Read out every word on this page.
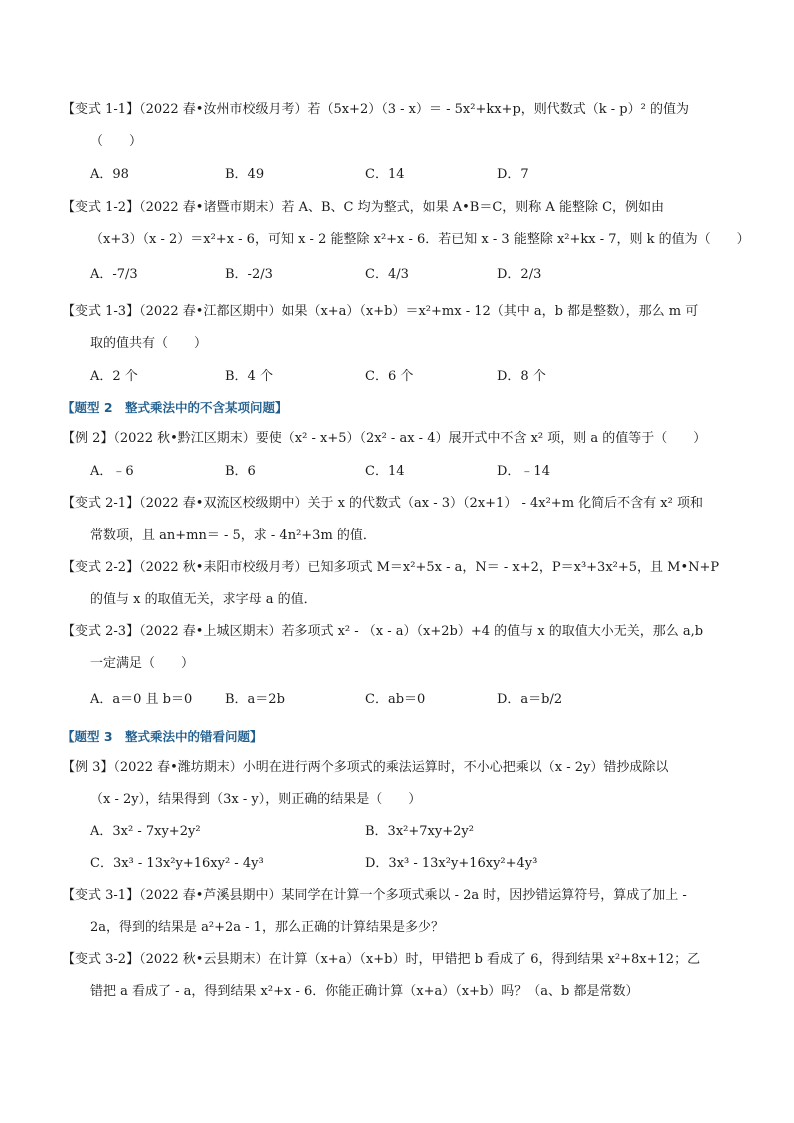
【变式 1-1】（2022 春•汝州市校级月考）若（5x+2）（3 - x）＝ - 5x²+kx+p，则代数式（k - p）² 的值为
（　　）
A．98	B．49	C．14	D．7
【变式 1-2】（2022 春•诸暨市期末）若 A、B、C 均为整式，如果 A•B＝C，则称 A 能整除 C，例如由
（x+3）（x - 2）＝x²+x - 6，可知 x - 2 能整除 x²+x - 6．若已知 x - 3 能整除 x²+kx - 7，则 k 的值为（　　）
A．-7/3	B．-2/3	C．4/3	D．2/3
【变式 1-3】（2022 春•江都区期中）如果（x+a）（x+b）＝x²+mx - 12（其中 a，b 都是整数），那么 m 可
取的值共有（　　）
A．2 个	B．4 个	C．6 个	D．8 个
【题型 2　整式乘法中的不含某项问题】
【例 2】（2022 秋•黔江区期末）要使（x² - x+5）（2x² - ax - 4）展开式中不含 x² 项，则 a 的值等于（　　）
A．﹣6	B．6	C．14	D．﹣14
【变式 2-1】（2022 春•双流区校级期中）关于 x 的代数式（ax - 3）（2x+1） - 4x²+m 化简后不含有 x² 项和
常数项，且 an+mn＝ - 5，求 - 4n²+3m 的值．
【变式 2-2】（2022 秋•耒阳市校级月考）已知多项式 M＝x²+5x - a，N＝ - x+2，P＝x³+3x²+5，且 M•N+P
的值与 x 的取值无关，求字母 a 的值．
【变式 2-3】（2022 春•上城区期末）若多项式 x² - （x - a）（x+2b）+4 的值与 x 的取值大小无关，那么 a,b
一定满足（　　）
A．a＝0 且 b＝0	B．a＝2b	C．ab＝0	D．a＝b/2
【题型 3　整式乘法中的错看问题】
【例 3】（2022 春•潍坊期末）小明在进行两个多项式的乘法运算时，不小心把乘以（x - 2y）错抄成除以
（x - 2y），结果得到（3x - y），则正确的结果是（　　）
A．3x² - 7xy+2y²	B．3x²+7xy+2y²
C．3x³ - 13x²y+16xy² - 4y³	D．3x³ - 13x²y+16xy²+4y³
【变式 3-1】（2022 春•芦溪县期中）某同学在计算一个多项式乘以 - 2a 时，因抄错运算符号，算成了加上 -
2a，得到的结果是 a²+2a - 1，那么正确的计算结果是多少？
【变式 3-2】（2022 秋•云县期末）在计算（x+a）（x+b）时，甲错把 b 看成了 6，得到结果 x²+8x+12；乙
错把 a 看成了 - a，得到结果 x²+x - 6．你能正确计算（x+a）（x+b）吗？（a、b 都是常数）
